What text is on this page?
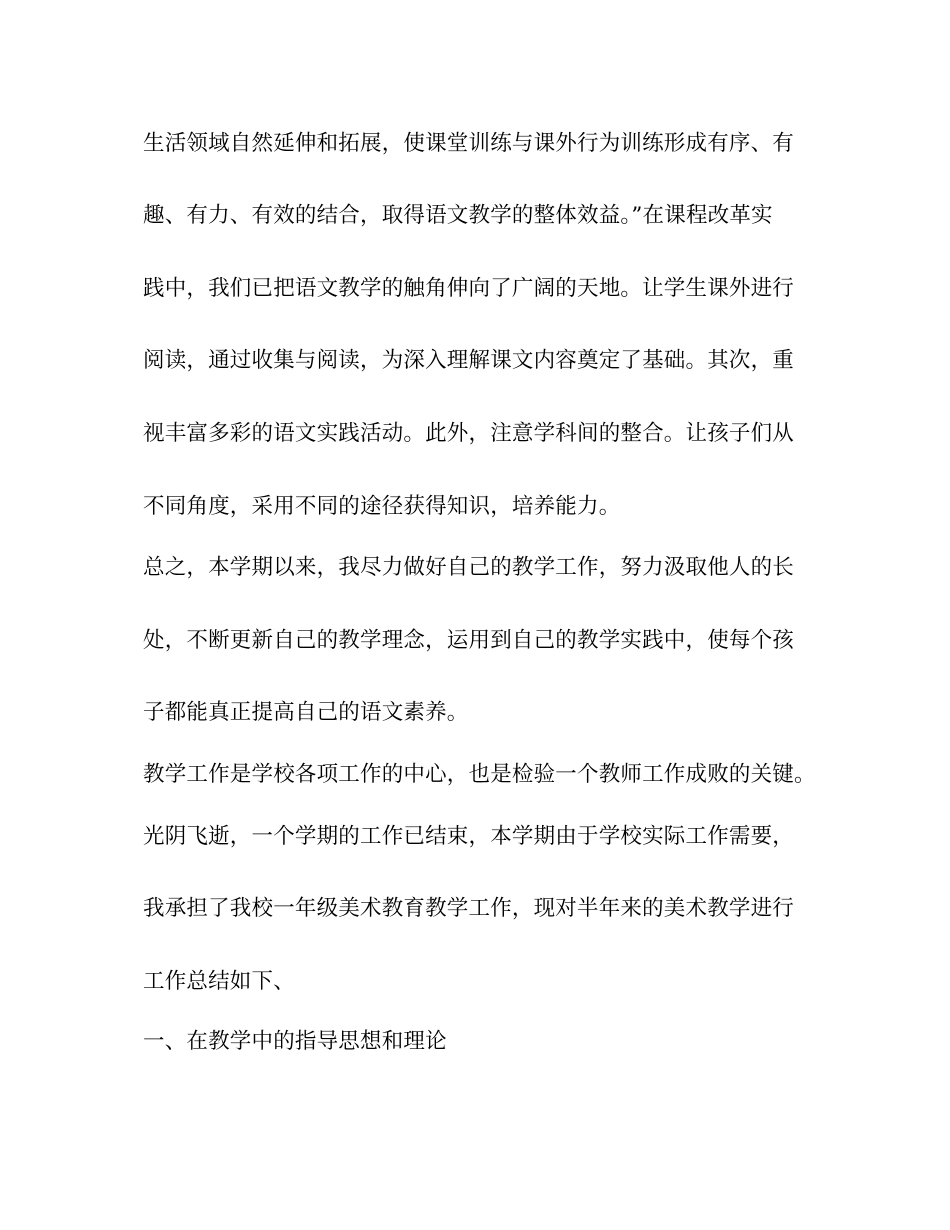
生活领域自然延伸和拓展，使课堂训练与课外行为训练形成有序、有
趣、有力、有效的结合，取得语文教学的整体效益。”在课程改革实
践中，我们已把语文教学的触角伸向了广阔的天地。让学生课外进行
阅读，通过收集与阅读，为深入理解课文内容奠定了基础。其次，重
视丰富多彩的语文实践活动。此外，注意学科间的整合。让孩子们从
不同角度，采用不同的途径获得知识，培养能力。
总之，本学期以来，我尽力做好自己的教学工作，努力汲取他人的长
处，不断更新自己的教学理念，运用到自己的教学实践中，使每个孩
子都能真正提高自己的语文素养。
教学工作是学校各项工作的中心，也是检验一个教师工作成败的关键。
光阴飞逝，一个学期的工作已结束，本学期由于学校实际工作需要，
我承担了我校一年级美术教育教学工作，现对半年来的美术教学进行
工作总结如下、
一、在教学中的指导思想和理论
